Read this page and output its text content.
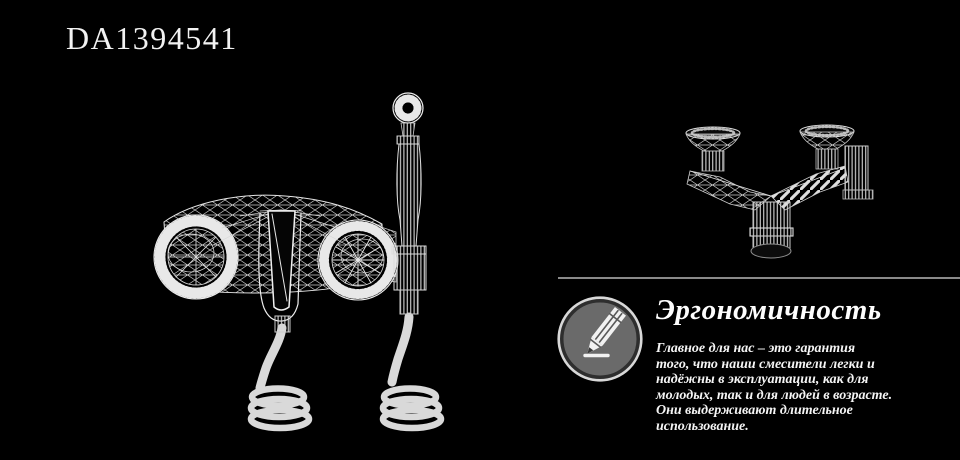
DA1394541
Эргономичность
Главное для нас – это гарантия
того, что наши смесители легки и
надёжны в эксплуатации, как для
молодых, так и для людей в возрасте.
Они выдерживают длительное
использование.
